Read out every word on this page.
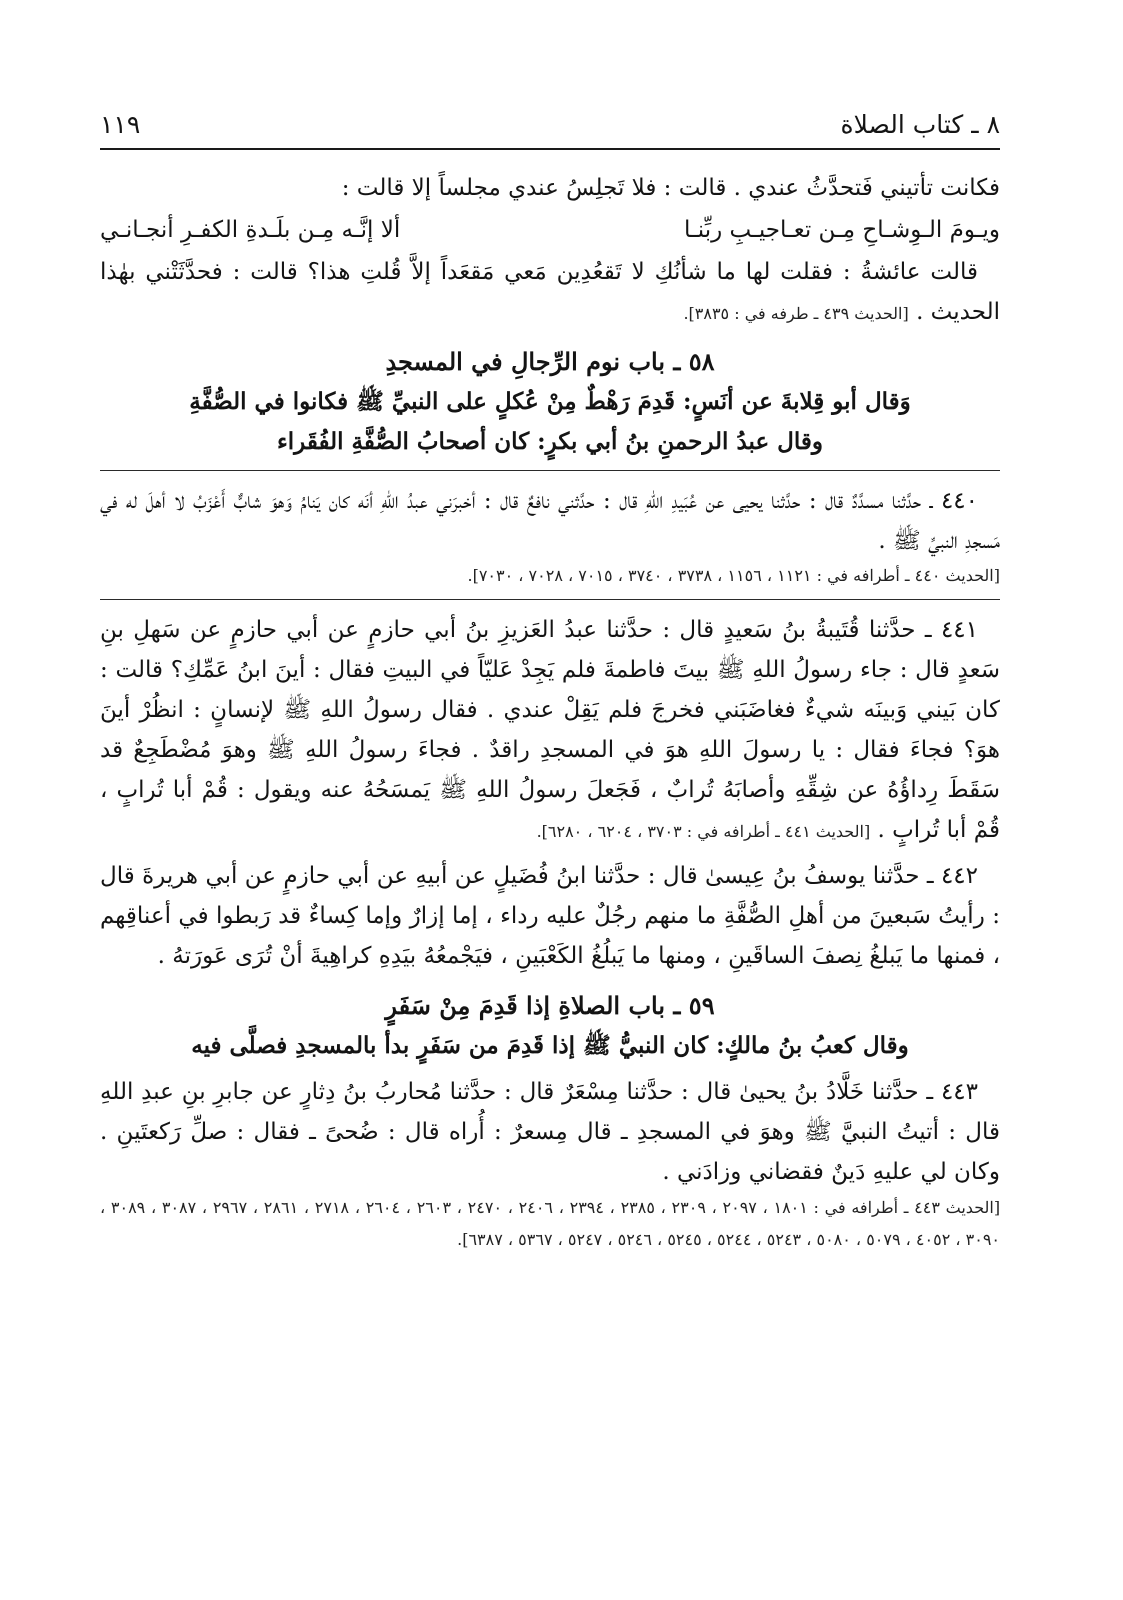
٨ ـ كتاب الصلاة
١١٩

فكانت تأتيني فَتحدَّثُ عندي . قالت : فلا تَجلِسُ عندي مجلساً إلا قالت :

ويـومَ الـوِشـاحِ مِـن تعـاجيـبِ ربِّنـا
ألا إنَّـه مِـن بلَـدةِ الكفـرِ أنجـانـي

قالت عائشةُ : فقلت لها ما شأنُكِ لا تَقعُدِين مَعي مَقعَداً إلاَّ قُلتِ هذا؟ قالت : فحدَّثَتْني بهٰذا الحديث . [الحديث ٤٣٩ ـ طرفه في : ٣٨٣٥].

٥٨ ـ باب نوم الرِّجالِ في المسجدِ

وَقال أبو قِلابةَ عن أنَسٍ: قَدِمَ رَهْطٌ مِنْ عُكلٍ على النبيِّ ﷺ فكانوا في الصُّفَّةِ

وقال عبدُ الرحمنِ بنُ أبي بكرٍ: كان أصحابُ الصُّفَّةِ الفُقَراء

٤٤٠ ـ حدَّثنا مسدَّدٌ قال : حدَّثنا يحيى عن عُبَيدِ اللهِ قال : حدَّثني نافعٌ قال : أخبرَني عبدُ اللهِ أنَه كان يَنامُ وَهوَ شابٌّ أَعْزَبُ لا أهلَ له في مَسجدِ النبيِّ ﷺ .

[الحديث ٤٤٠ ـ أطرافه في : ١١٢١ ، ١١٥٦ ، ٣٧٣٨ ، ٣٧٤٠ ، ٧٠١٥ ، ٧٠٢٨ ، ٧٠٣٠].

٤٤١ ـ حدَّثنا قُتَيبةُ بنُ سَعيدٍ قال : حدَّثنا عبدُ العَزيزِ بنُ أبي حازمٍ عن أبي حازمٍ عن سَهلِ بنِ سَعدٍ قال : جاء رسولُ اللهِ ﷺ بيتَ فاطمةَ فلم يَجِدْ عَليّاً في البيتِ فقال : أينَ ابنُ عَمِّكِ؟ قالت : كان بَيني وَبينَه شيءٌ فغاضَبَني فخرجَ فلم يَقِلْ عندي . فقال رسولُ اللهِ ﷺ لإنسانٍ : انظُرْ أينَ هوَ؟ فجاءَ فقال : يا رسولَ اللهِ هوَ في المسجدِ راقدٌ . فجاءَ رسولُ اللهِ ﷺ وهوَ مُضْطَجِعٌ قد سَقَطَ رِداؤُهُ عن شِقِّهِ وأصابَهُ تُرابٌ ، فَجَعلَ رسولُ اللهِ ﷺ يَمسَحُهُ عنه ويقول : قُمْ أبا تُرابٍ ، قُمْ أبا تُرابٍ . [الحديث ٤٤١ ـ أطرافه في : ٣٧٠٣ ، ٦٢٠٤ ، ٦٢٨٠].

٤٤٢ ـ حدَّثنا يوسفُ بنُ عِيسىٰ قال : حدَّثنا ابنُ فُضَيلٍ عن أبيهِ عن أبي حازمٍ عن أبي هريرةَ قال : رأيتُ سَبعينَ من أهلِ الصُّفَّةِ ما منهم رجُلٌ عليه رداء ، إما إزارٌ وإما كِساءٌ قد رَبطوا في أعناقِهم ، فمنها ما يَبلغُ نِصفَ الساقَينِ ، ومنها ما يَبلُغُ الكَعْبَينِ ، فيَجْمعُهُ بيَدِهِ كراهِيةَ أنْ تُرَى عَورَتهُ .

٥٩ ـ باب الصلاةِ إذا قَدِمَ مِنْ سَفَرٍ

وقال كعبُ بنُ مالكٍ: كان النبيُّ ﷺ إذا قَدِمَ من سَفَرٍ بدأ بالمسجدِ فصلَّى فيه

٤٤٣ ـ حدَّثنا خَلَّادُ بنُ يحيىٰ قال : حدَّثنا مِسْعَرٌ قال : حدَّثنا مُحاربُ بنُ دِثارٍ عن جابرِ بنِ عبدِ اللهِ قال : أتيتُ النبيَّ ﷺ وهوَ في المسجدِ ـ قال مِسعرٌ : أُراه قال : ضُحىً ـ فقال : صلِّ رَكعتَينِ . وكان لي عليهِ دَينٌ فقضاني وزادَني .

[الحديث ٤٤٣ ـ أطرافه في : ١٨٠١ ، ٢٠٩٧ ، ٢٣٠٩ ، ٢٣٨٥ ، ٢٣٩٤ ، ٢٤٠٦ ، ٢٤٧٠ ، ٢٦٠٣ ، ٢٦٠٤ ، ٢٧١٨ ، ٢٨٦١ ، ٢٩٦٧ ، ٣٠٨٧ ، ٣٠٨٩ ، ٣٠٩٠ ، ٤٠٥٢ ، ٥٠٧٩ ، ٥٠٨٠ ، ٥٢٤٣ ، ٥٢٤٤ ، ٥٢٤٥ ، ٥٢٤٦ ، ٥٢٤٧ ، ٥٣٦٧ ، ٦٣٨٧].
